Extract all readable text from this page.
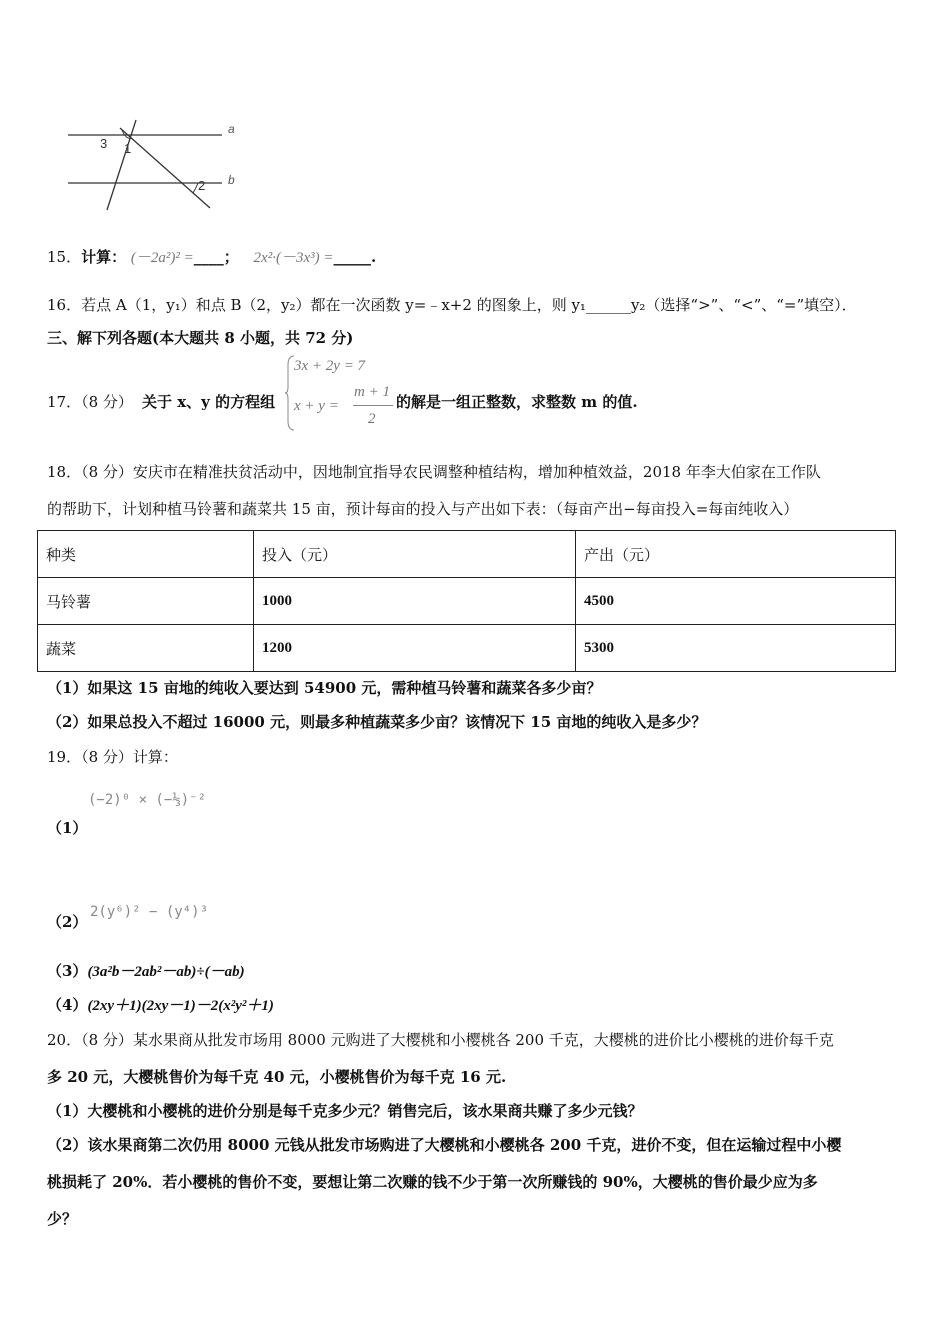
3 1
2
a
b
15．计算： (－2a²)² =____； 2x²·(－3x³) =_____.
16．若点 A（1，y₁）和点 B（2，y₂）都在一次函数 y=﹣x+2 的图象上，则 y₁______y₂（选择“>”、“<”、“=”填空）．
三、解下列各题(本大题共 8 小题，共 72 分)
17．（8 分） 关于 x、y 的方程组
3x + 2y = 7
x + y =
m + 1
2
的解是一组正整数，求整数 m 的值.
18．（8 分）安庆市在精准扶贫活动中，因地制宜指导农民调整种植结构，增加种植效益，2018 年李大伯家在工作队
的帮助下，计划种植马铃薯和蔬菜共 15 亩，预计每亩的投入与产出如下表：（每亩产出−每亩投入=每亩纯收入）
种类	投入（元）	产出（元）
马铃薯	1000	4500
蔬菜	1200	5300
（1）如果这 15 亩地的纯收入要达到 54900 元，需种植马铃薯和蔬菜各多少亩？
（2）如果总投入不超过 16000 元，则最多种植蔬菜多少亩？该情况下 15 亩地的纯收入是多少？
19．（8 分）计算：
(−2)⁰ × (−⅓)⁻²
（1）
2(y⁶)² − (y⁴)³
（2）
（3）(3a²b－2ab²－ab)÷(－ab)
（4）(2xy＋1)(2xy－1)－2(x²y²＋1)
20．（8 分）某水果商从批发市场用 8000 元购进了大樱桃和小樱桃各 200 千克，大樱桃的进价比小樱桃的进价每千克
多 20 元，大樱桃售价为每千克 40 元，小樱桃售价为每千克 16 元.
（1）大樱桃和小樱桃的进价分别是每千克多少元？销售完后，该水果商共赚了多少元钱？
（2）该水果商第二次仍用 8000 元钱从批发市场购进了大樱桃和小樱桃各 200 千克，进价不变，但在运输过程中小樱
桃损耗了 20%．若小樱桃的售价不变，要想让第二次赚的钱不少于第一次所赚钱的 90%，大樱桃的售价最少应为多
少？
